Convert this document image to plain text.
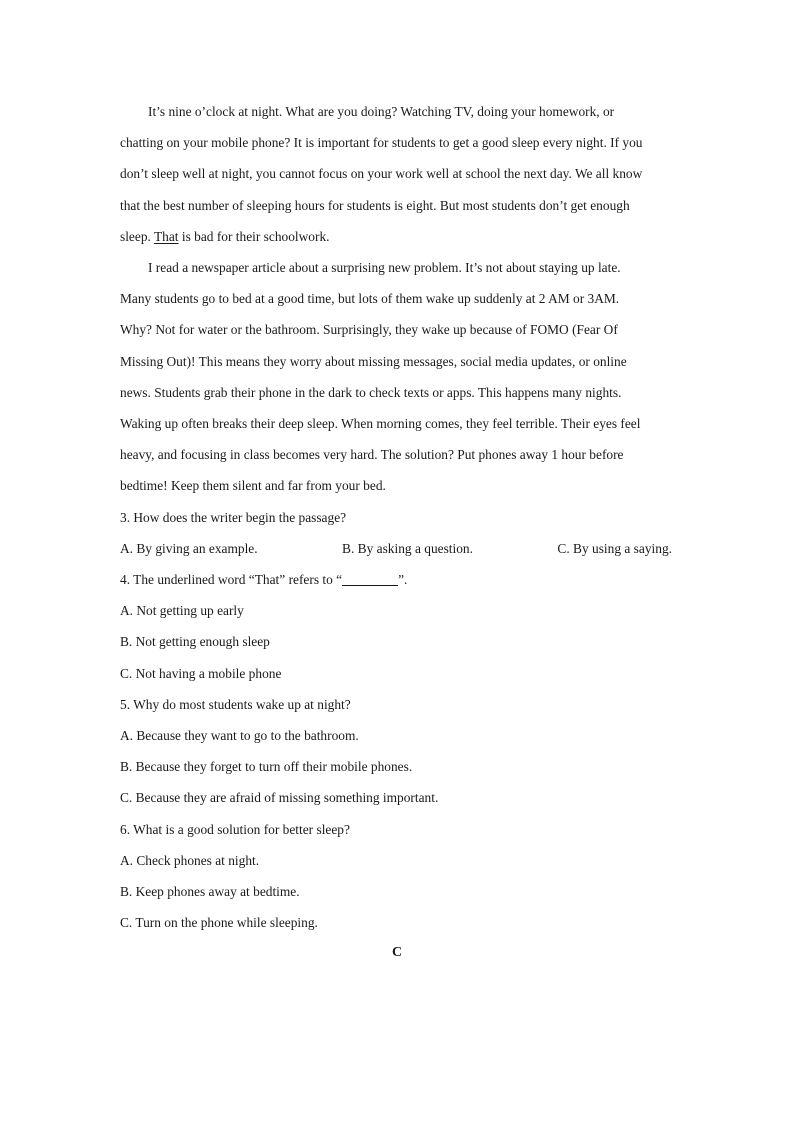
It’s nine o’clock at night. What are you doing? Watching TV, doing your homework, or
chatting on your mobile phone? It is important for students to get a good sleep every night. If you
don’t sleep well at night, you cannot focus on your work well at school the next day. We all know
that the best number of sleeping hours for students is eight. But most students don’t get enough
sleep. That is bad for their schoolwork.
I read a newspaper article about a surprising new problem. It’s not about staying up late.
Many students go to bed at a good time, but lots of them wake up suddenly at 2 AM or 3AM.
Why? Not for water or the bathroom. Surprisingly, they wake up because of FOMO (Fear Of
Missing Out)! This means they worry about missing messages, social media updates, or online
news. Students grab their phone in the dark to check texts or apps. This happens many nights.
Waking up often breaks their deep sleep. When morning comes, they feel terrible. Their eyes feel
heavy, and focusing in class becomes very hard. The solution? Put phones away 1 hour before
bedtime! Keep them silent and far from your bed.

3. How does the writer begin the passage?

A. By giving an example.	B. By asking a question.	C. By using a saying.

4. The underlined word “That” refers to “	”.

A. Not getting up early

B. Not getting enough sleep

C. Not having a mobile phone

5. Why do most students wake up at night?

A. Because they want to go to the bathroom.

B. Because they forget to turn off their mobile phones.

C. Because they are afraid of missing something important.

6. What is a good solution for better sleep?

A. Check phones at night.

B. Keep phones away at bedtime.

C. Turn on the phone while sleeping.

C
